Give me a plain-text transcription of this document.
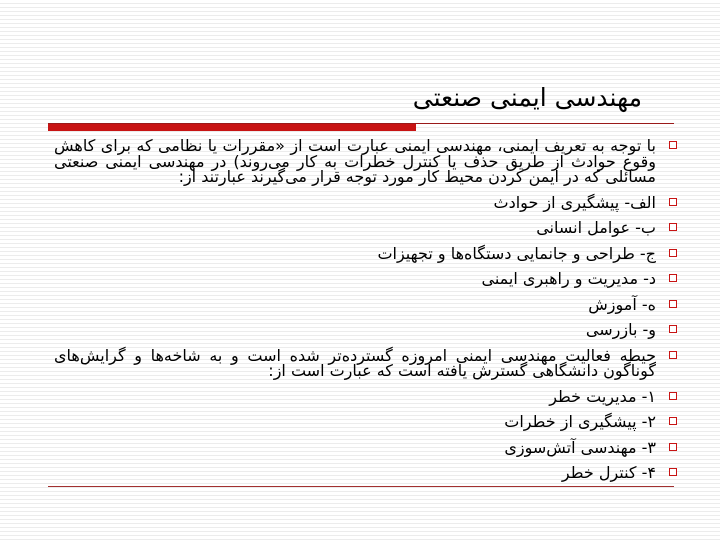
مهندسی ایمنی صنعتی
با توجه به تعریف ایمنی، مهندسی ایمنی عبارت است از «مقررات یا نظامی که برای کاهش وقوع حوادث از طریق حذف یا کنترل خطرات به کار می‌روند) در مهندسی ایمنی صنعتی مسائلی که در ایمن کردن محیط کار مورد توجه قرار می‌گیرند عبارتند از:
الف- پیشگیری از حوادث
ب- عوامل انسانی
ج- طراحی و جانمایی دستگاه‌ها و تجهیزات
د- مدیریت و راهبری ایمنی
ه- آموزش
و- بازرسی
حیطه فعالیت مهندسی ایمنی امروزه گسترده‌تر شده است و به شاخه‌ها و گرایش‌های گوناگون دانشگاهی گسترش یافته است که عبارت است از:
۱- مدیریت خطر
۲- پیشگیری از خطرات
۳- مهندسی آتش‌سوزی
۴- کنترل خطر
